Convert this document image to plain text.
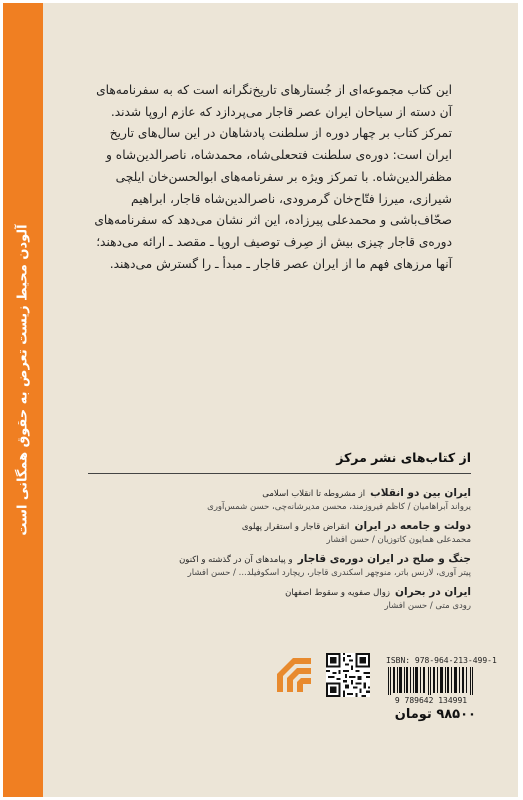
آلودن محیط زیست تعرض به حقوق همگانی است

این کتاب مجموعه‌ای از جُستارهای تاریخ‌نگرانه است که به سفرنامه‌های

آن دسته از سیاحان ایران عصر قاجار می‌پردازد که عازم اروپا شدند.

تمرکز کتاب بر چهار دوره از سلطنت پادشاهان در این سال‌های تاریخ

ایران است: دوره‌ی سلطنت فتحعلی‌شاه، محمدشاه، ناصرالدین‌شاه و

مظفرالدین‌شاه. با تمرکز ویژه بر سفرنامه‌های ابوالحسن‌خان ایلچی

شیرازی، میرزا فتّاح‌خان گرمرودی، ناصرالدین‌شاه قاجار، ابراهیم

صحّاف‌باشی و محمدعلی پیرزاده، این اثر نشان می‌دهد که سفرنامه‌های

دوره‌ی قاجار چیزی بیش از صِرف توصیف اروپا ـ مقصد ـ ارائه می‌دهند؛

آنها مرزهای فهم ما از ایران عصر قاجار ـ مبدأ ـ را گسترش می‌دهند.

از کتاب‌های نشر مرکز
ایران بین دو انقلاب از مشروطه تا انقلاب اسلامی
یرواند آبراهامیان / کاظم فیروزمند، محسن مدیرشانه‌چی، حسن شمس‌آوری
دولت و جامعه در ایران انقراض قاجار و استقرار پهلوی
محمدعلی همایون کاتوزیان / حسن افشار
جنگ و صلح در ایران دوره‌ی قاجار و پیامدهای آن در گذشته و اکنون
پیتر آوری، لارنس باتر، منوچهر اسکندری قاجار، ریچارد اسکوفیلد... / حسن افشار
ایران در بحران زوال صفویه و سقوط اصفهان
رودی متی / حسن افشار
ISBN: 978-964-213-499-1
9 789642 134991
۹۸۵۰۰ تومان
